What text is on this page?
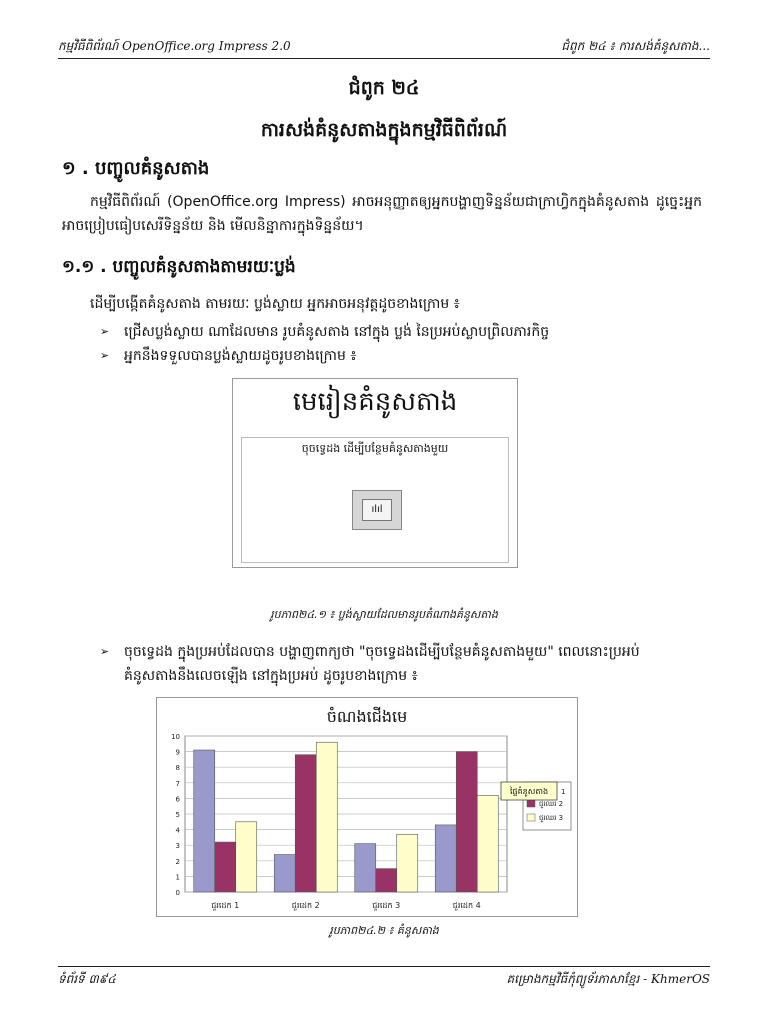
កម្មវិធីពិព័រណ៍ OpenOffice.org Impress 2.0	ជំពូក ២៤ ៖ ការសង់គំនូសតាង...
ជំពូក ២៤
ការសង់គំនូសតាងក្នុងកម្មវិធីពិព័រណ៍
១ . បញ្ចូលគំនូសតាង
កម្មវិធីពិព័រណ៍ (OpenOffice.org Impress) អាចអនុញ្ញាតឲ្យអ្នកបង្ហាញទិន្នន័យជាក្រាហ្វិកក្នុងគំនូសតាង ដូច្នេះអ្នកអាចប្រៀបធៀបសេរីទិន្នន័យ និង មើលនិន្នាការក្នុងទិន្នន័យ។
១.១ . បញ្ចូលគំនូសតាងតាមរយៈប្លង់
ដើម្បីបង្កើតគំនូសតាង តាមរយៈ ប្លង់ស្លាយ អ្នកអាចអនុវត្តដូចខាងក្រោម ៖
➢ ជ្រើសប្លង់ស្លាយ ណាដែលមាន រូបគំនូសតាង នៅក្នុង ប្លង់ នៃប្រអប់ស្លាបព្រិលភារកិច្ច
➢ អ្នកនឹងទទួលបានប្លង់ស្លាយដូចរូបខាងក្រោម ៖
មេរៀនគំនូសតាង
ចុចទ្វេដង ដើម្បីបន្ថែមគំនូសតាងមួយ
ılıl
រូបភាព២៤.១ ៖ ប្លង់ស្លាយដែលមានរូបតំណាងគំនូសតាង
➢ ចុចទ្វេដង ក្នុងប្រអប់ដែលបាន បង្ហាញពាក្យថា "ចុចទ្វេដងដើម្បីបន្ថែមគំនូសតាងមួយ" ពេលនោះប្រអប់គំនូសតាងនឹងលេចឡើង នៅក្នុងប្រអប់ ដូចរូបខាងក្រោម ៖
ចំណងជើងមេ
0
1
2
3
4
5
6
7
8
9
10
ជួរដេក 1	ជួរដេក 2	ជួរដេក 3	ជួរដេក 4
ជួរឈរ 2
ជួរឈរ 3
ផ្ទៃគំនូសតាង 1
រូបភាព២៤.២ ៖ គំនូសតាង
ទំព័រទី ៣៩៤	គម្រោងកម្មវិធីកុំព្យូទ័រភាសាខ្មែរ - KhmerOS
